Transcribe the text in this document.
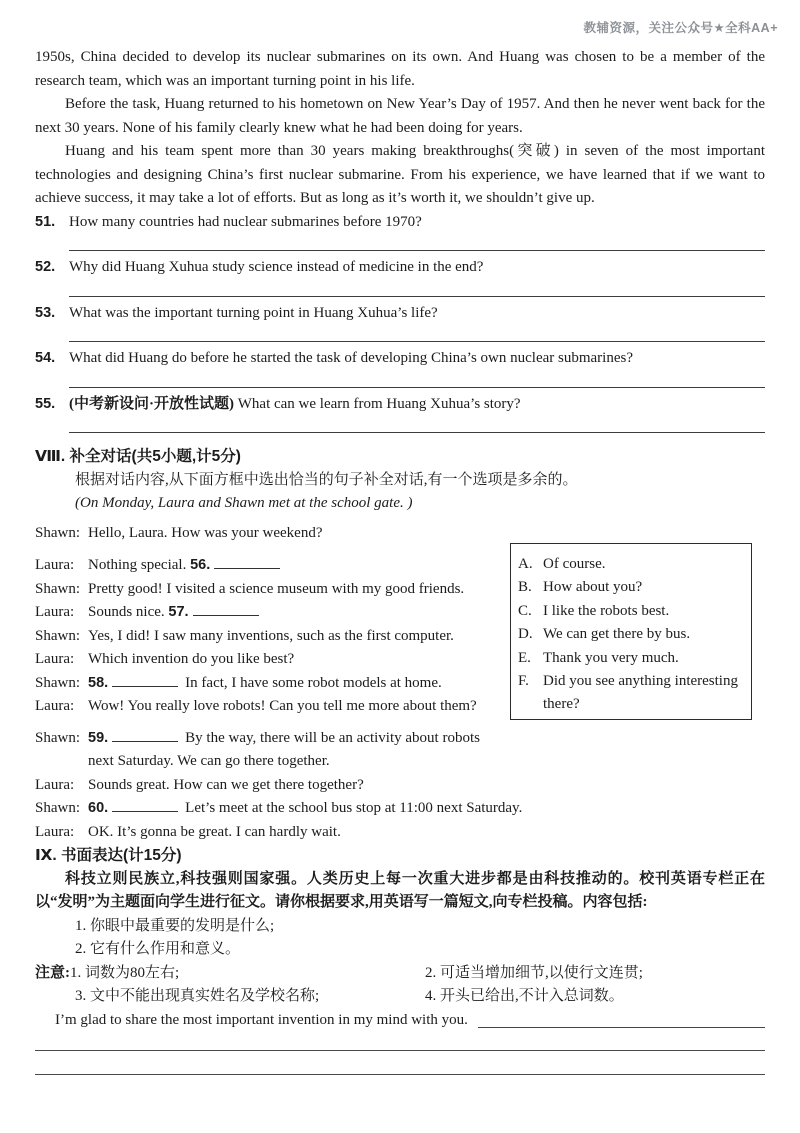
教辅资源，关注公众号★全科AA+

1950s, China decided to develop its nuclear submarines on its own. And Huang was chosen to be a member of the research team, which was an important turning point in his life.

Before the task, Huang returned to his hometown on New Year’s Day of 1957. And then he never went back for the next 30 years. None of his family clearly knew what he had been doing for years.

Huang and his team spent more than 30 years making breakthroughs(突破) in seven of the most important technologies and designing China’s first nuclear submarine. From his experience, we have learned that if we want to achieve success, it may take a lot of efforts. But as long as it’s worth it, we shouldn’t give up.

51. How many countries had nuclear submarines before 1970?
52. Why did Huang Xuhua study science instead of medicine in the end?
53. What was the important turning point in Huang Xuhua’s life?
54. What did Huang do before he started the task of developing China’s own nuclear submarines?
55. (中考新设问·开放性试题) What can we learn from Huang Xuhua’s story?
Ⅷ. 补全对话(共5小题,计5分)
根据对话内容,从下面方框中选出恰当的句子补全对话,有一个选项是多余的。
(On Monday, Laura and Shawn met at the school gate. )
Shawn: Hello, Laura. How was your weekend?
Laura: Nothing special. 56.
Shawn: Pretty good! I visited a science museum with my good friends.
Laura: Sounds nice. 57.
Shawn: Yes, I did! I saw many inventions, such as the first computer.
Laura: Which invention do you like best?
Shawn: 58.	In fact, I have some robot models at home.
Laura: Wow! You really love robots! Can you tell me more about them?
Shawn: 59.	By the way, there will be an activity about robots
next Saturday. We can go there together.
Laura: Sounds great. How can we get there together?
Shawn: 60.	Let’s meet at the school bus stop at 11:00 next Saturday.
Laura: OK. It’s gonna be great. I can hardly wait.
Ⅸ. 书面表达(计15分)

科技立则民族立,科技强则国家强。人类历史上每一次重大进步都是由科技推动的。校刊英语专栏正在以“发明”为主题面向学生进行征文。请你根据要求,用英语写一篇短文,向专栏投稿。内容包括:

1. 你眼中最重要的发明是什么;
2. 它有什么作用和意义。
注意:1. 词数为80左右;	2. 可适当增加细节,以使行文连贯;
3. 文中不能出现真实姓名及学校名称;	4. 开头已给出,不计入总词数。
I’m glad to share the most important invention in my mind with you.
A. Of course.
B. How about you?
C. I like the robots best.
D. We can get there by bus.
E. Thank you very much.
F. Did you see anything interesting
there?
